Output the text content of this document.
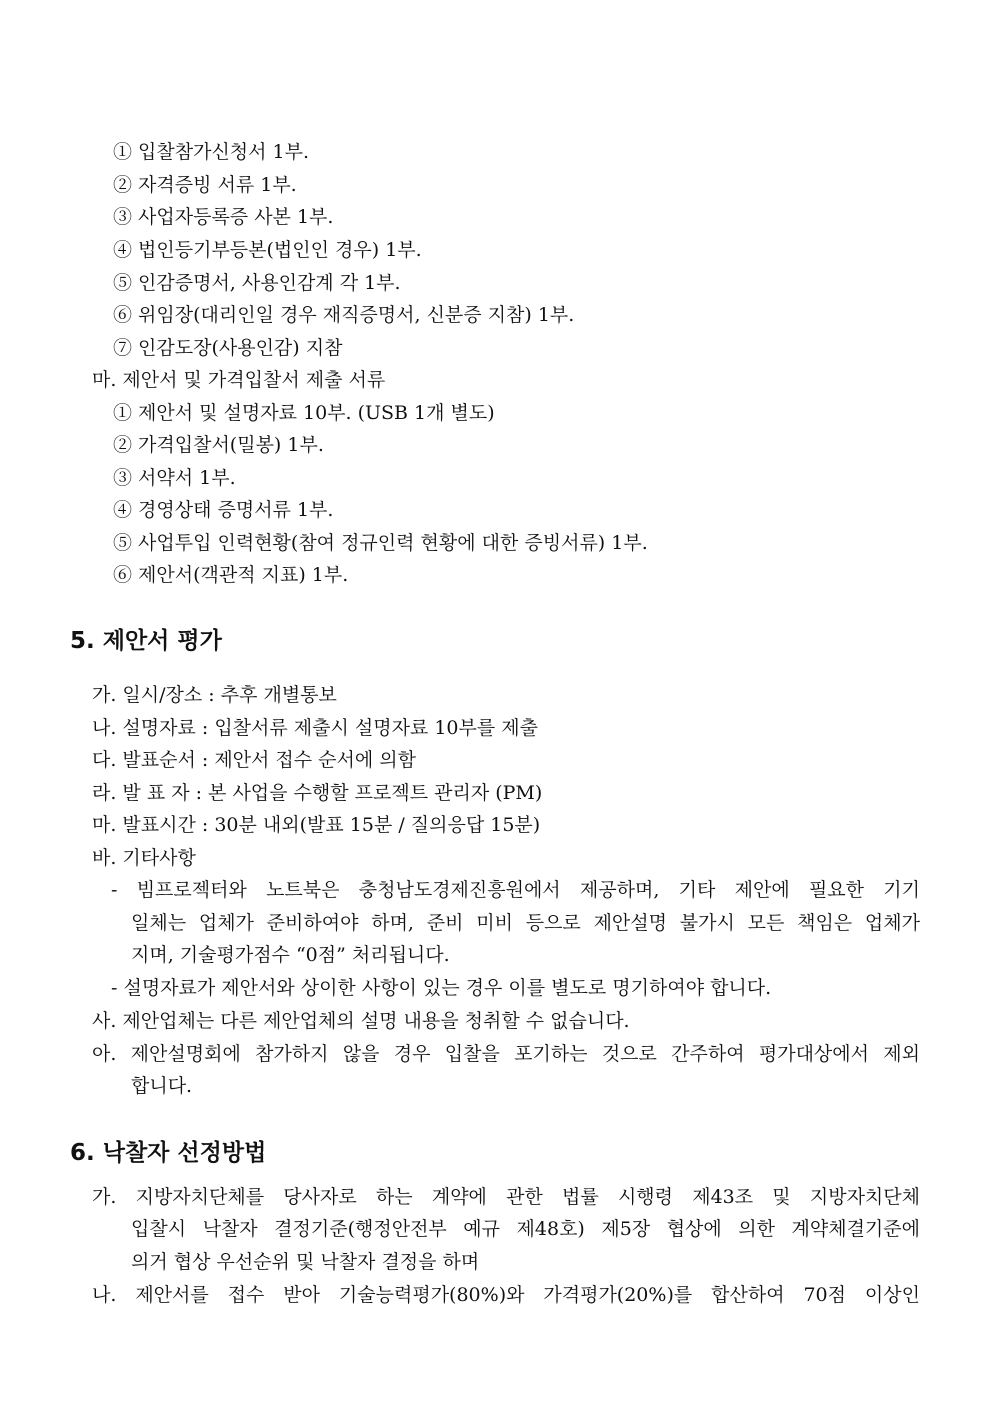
① 입찰참가신청서 1부.
② 자격증빙 서류 1부.
③ 사업자등록증 사본 1부.
④ 법인등기부등본(법인인 경우) 1부.
⑤ 인감증명서, 사용인감계 각 1부.
⑥ 위임장(대리인일 경우 재직증명서, 신분증 지참) 1부.
⑦ 인감도장(사용인감) 지참
마. 제안서 및 가격입찰서 제출 서류
① 제안서 및 설명자료 10부. (USB 1개 별도)
② 가격입찰서(밀봉) 1부.
③ 서약서 1부.
④ 경영상태 증명서류 1부.
⑤ 사업투입 인력현황(참여 정규인력 현황에 대한 증빙서류) 1부.
⑥ 제안서(객관적 지표) 1부.
5. 제안서 평가
가. 일시/장소 : 추후 개별통보
나. 설명자료 : 입찰서류 제출시 설명자료 10부를 제출
다. 발표순서 : 제안서 접수 순서에 의함
라. 발 표 자 : 본 사업을 수행할 프로젝트 관리자 (PM)
마. 발표시간 : 30분 내외(발표 15분 / 질의응답 15분)
바. 기타사항
- 빔프로젝터와 노트북은 충청남도경제진흥원에서 제공하며, 기타 제안에 필요한 기기
일체는 업체가 준비하여야 하며, 준비 미비 등으로 제안설명 불가시 모든 책임은 업체가
지며, 기술평가점수 “0점” 처리됩니다.
- 설명자료가 제안서와 상이한 사항이 있는 경우 이를 별도로 명기하여야 합니다.
사. 제안업체는 다른 제안업체의 설명 내용을 청취할 수 없습니다.
아. 제안설명회에 참가하지 않을 경우 입찰을 포기하는 것으로 간주하여 평가대상에서 제외
합니다.
6. 낙찰자 선정방법
가. 지방자치단체를 당사자로 하는 계약에 관한 법률 시행령 제43조 및 지방자치단체
입찰시 낙찰자 결정기준(행정안전부 예규 제48호) 제5장 협상에 의한 계약체결기준에
의거 협상 우선순위 및 낙찰자 결정을 하며
나. 제안서를 접수 받아 기술능력평가(80%)와 가격평가(20%)를 합산하여 70점 이상인
